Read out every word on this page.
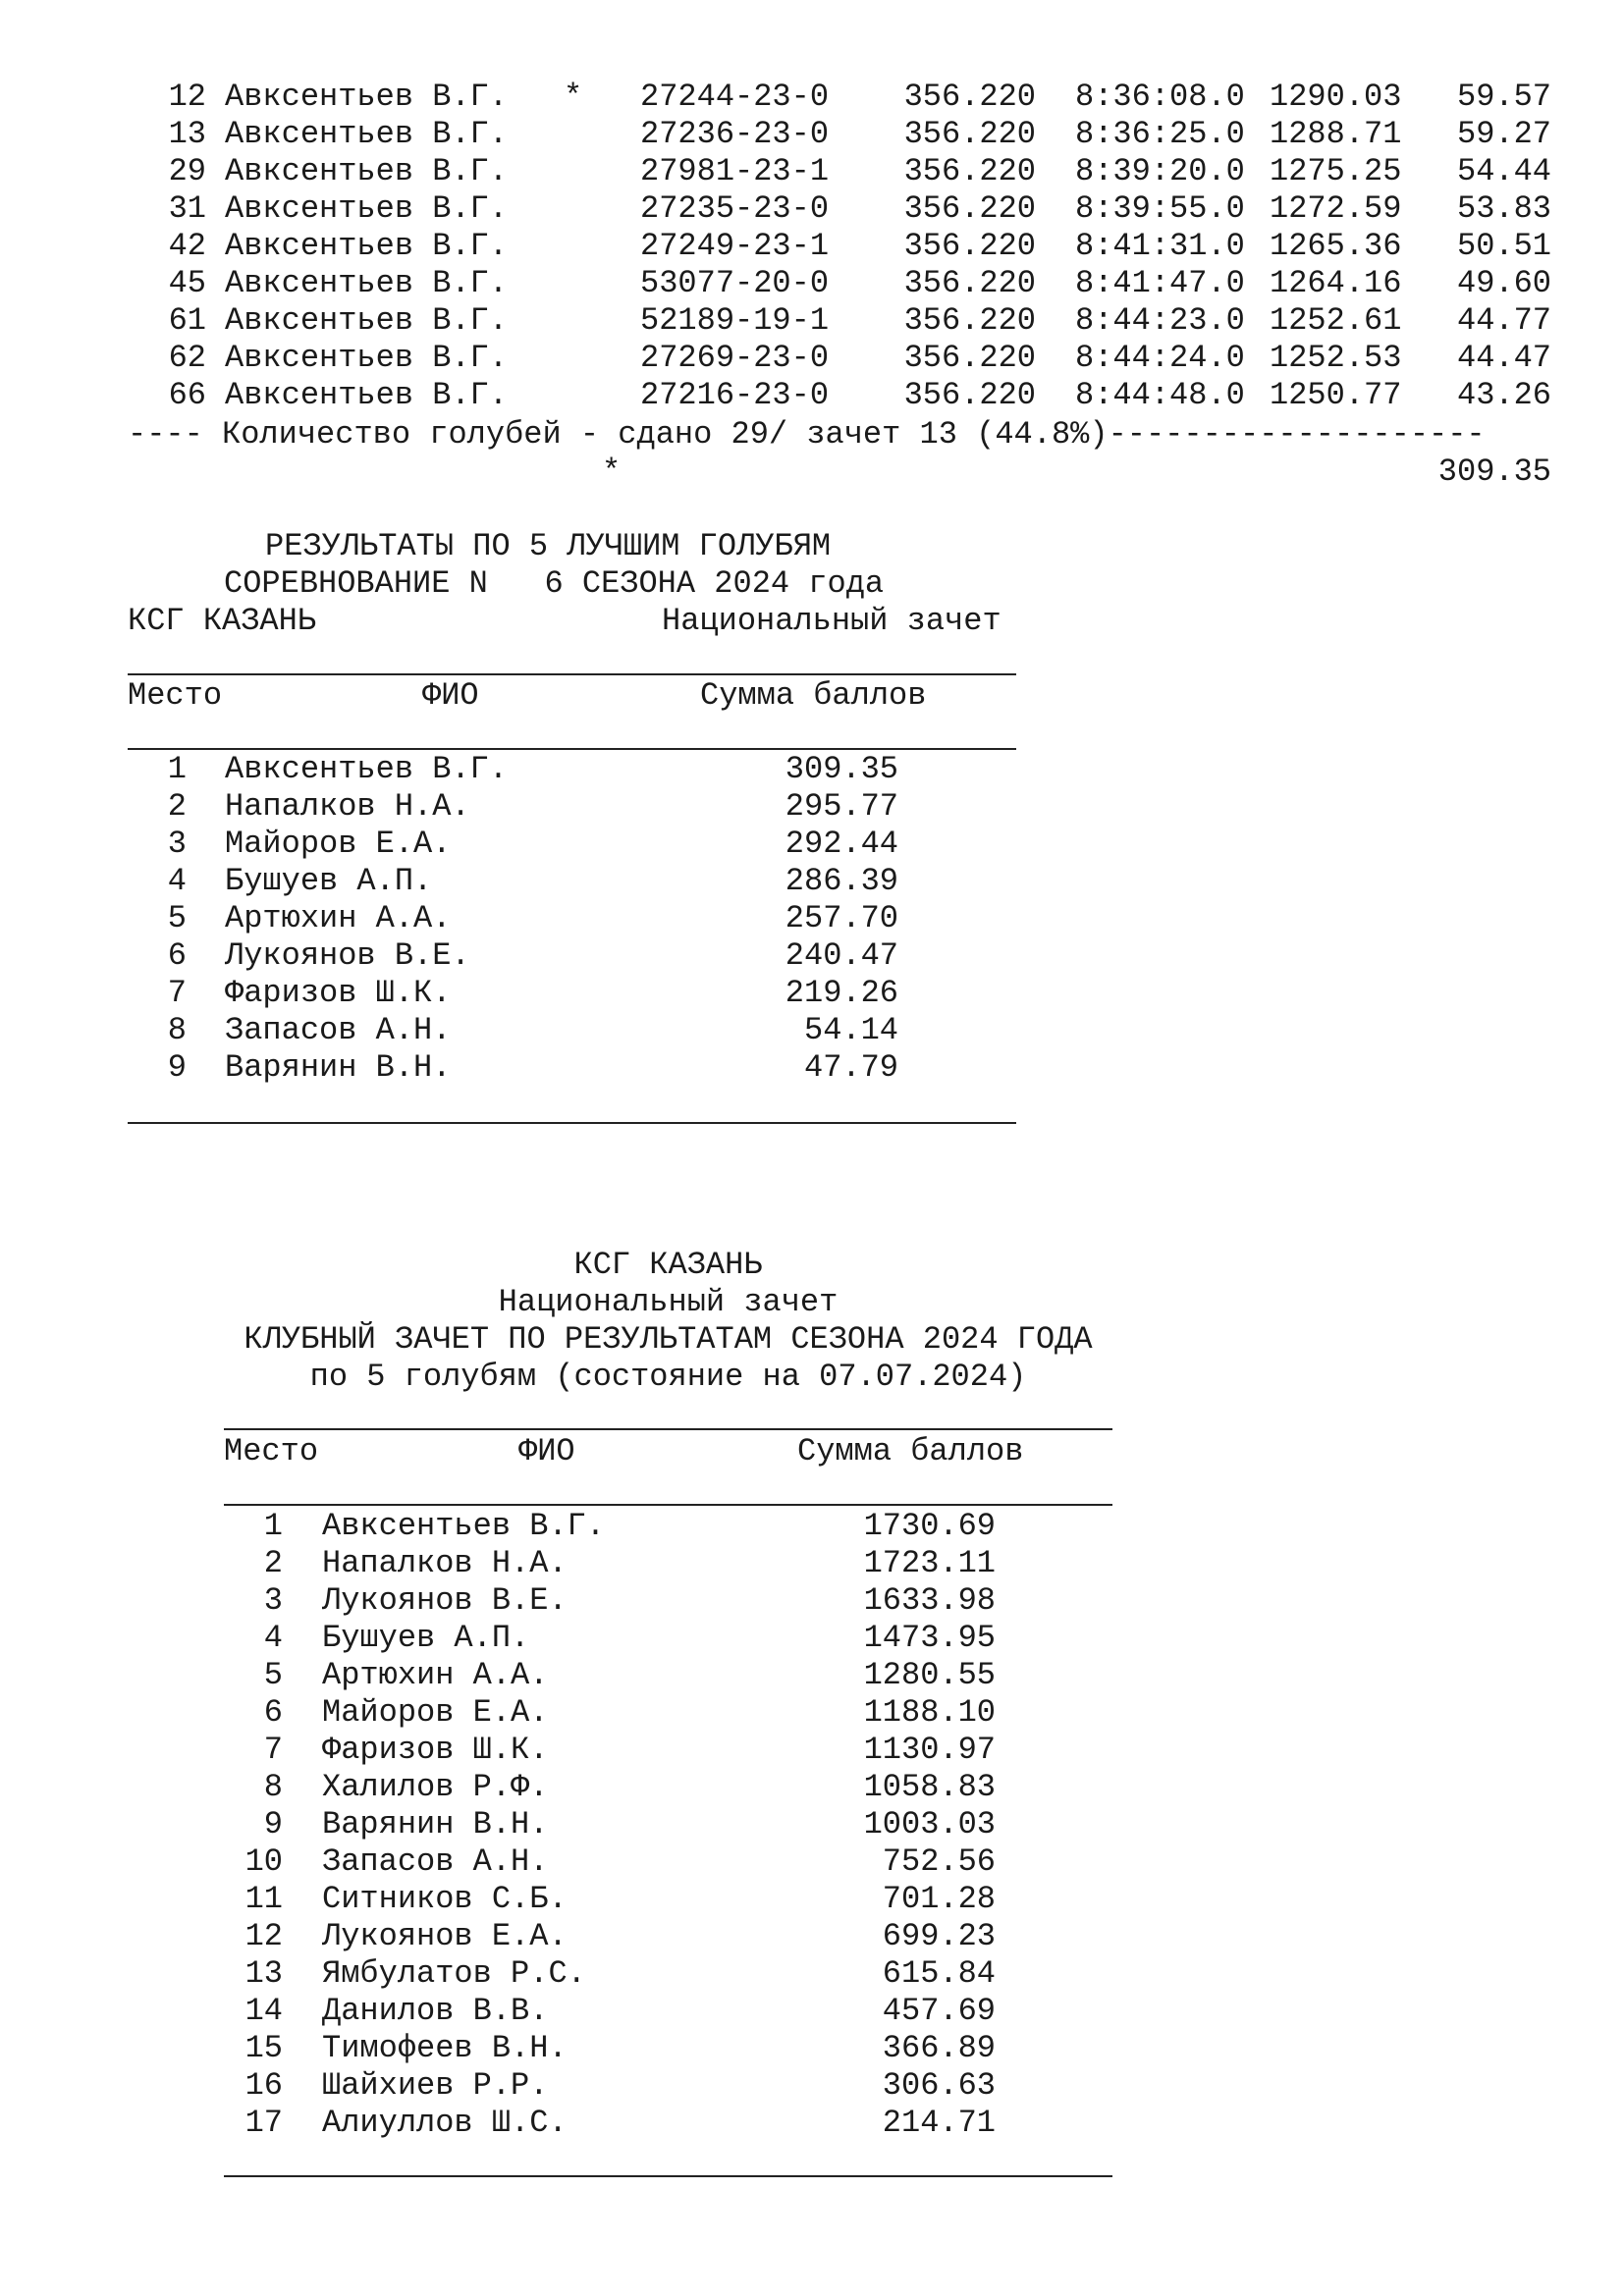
12 Авксентьев В.Г. * 27244-23-0	356.220 8:36:08.0 1290.03	59.57
13 Авксентьев В.Г.	27236-23-0	356.220 8:36:25.0 1288.71	59.27
29 Авксентьев В.Г.	27981-23-1	356.220 8:39:20.0 1275.25	54.44
31 Авксентьев В.Г.	27235-23-0	356.220 8:39:55.0 1272.59	53.83
42 Авксентьев В.Г.	27249-23-1	356.220 8:41:31.0 1265.36	50.51
45 Авксентьев В.Г.	53077-20-0	356.220 8:41:47.0 1264.16	49.60
61 Авксентьев В.Г.	52189-19-1	356.220 8:44:23.0 1252.61	44.77
62 Авксентьев В.Г.	27269-23-0	356.220 8:44:24.0 1252.53	44.47
66 Авксентьев В.Г.	27216-23-0	356.220 8:44:48.0 1250.77	43.26
---- Количество голубей - сдано 29/ зачет 13 (44.8%)--------------------
*	309.35
РЕЗУЛЬТАТЫ ПО 5 ЛУЧШИМ ГОЛУБЯМ
СОРЕВНОВАНИЕ N   6 СЕЗОНА 2024 года
КСГ КАЗАНЬ	Национальный зачет
Место	ФИО	Сумма баллов
1 Авксентьев В.Г.	309.35
2 Напалков Н.А.	295.77
3 Майоров Е.А.	292.44
4 Бушуев А.П.	286.39
5 Артюхин А.А.	257.70
6 Лукоянов В.Е.	240.47
7 Фаризов Ш.К.	219.26
8 Запасов А.Н.	54.14
9 Варянин В.Н.	47.79
КСГ КАЗАНЬ
Национальный зачет
КЛУБНЫЙ ЗАЧЕТ ПО РЕЗУЛЬТАТАМ СЕЗОНА 2024 ГОДА
по 5 голубям (состояние на 07.07.2024)
Место	ФИО	Сумма баллов
1 Авксентьев В.Г.	1730.69
2 Напалков Н.А.	1723.11
3 Лукоянов В.Е.	1633.98
4 Бушуев А.П.	1473.95
5 Артюхин А.А.	1280.55
6 Майоров Е.А.	1188.10
7 Фаризов Ш.К.	1130.97
8 Халилов Р.Ф.	1058.83
9 Варянин В.Н.	1003.03
10 Запасов А.Н.	752.56
11 Ситников С.Б.	701.28
12 Лукоянов Е.А.	699.23
13 Ямбулатов Р.С.	615.84
14 Данилов В.В.	457.69
15 Тимофеев В.Н.	366.89
16 Шайхиев Р.Р.	306.63
17 Алиуллов Ш.С.	214.71
